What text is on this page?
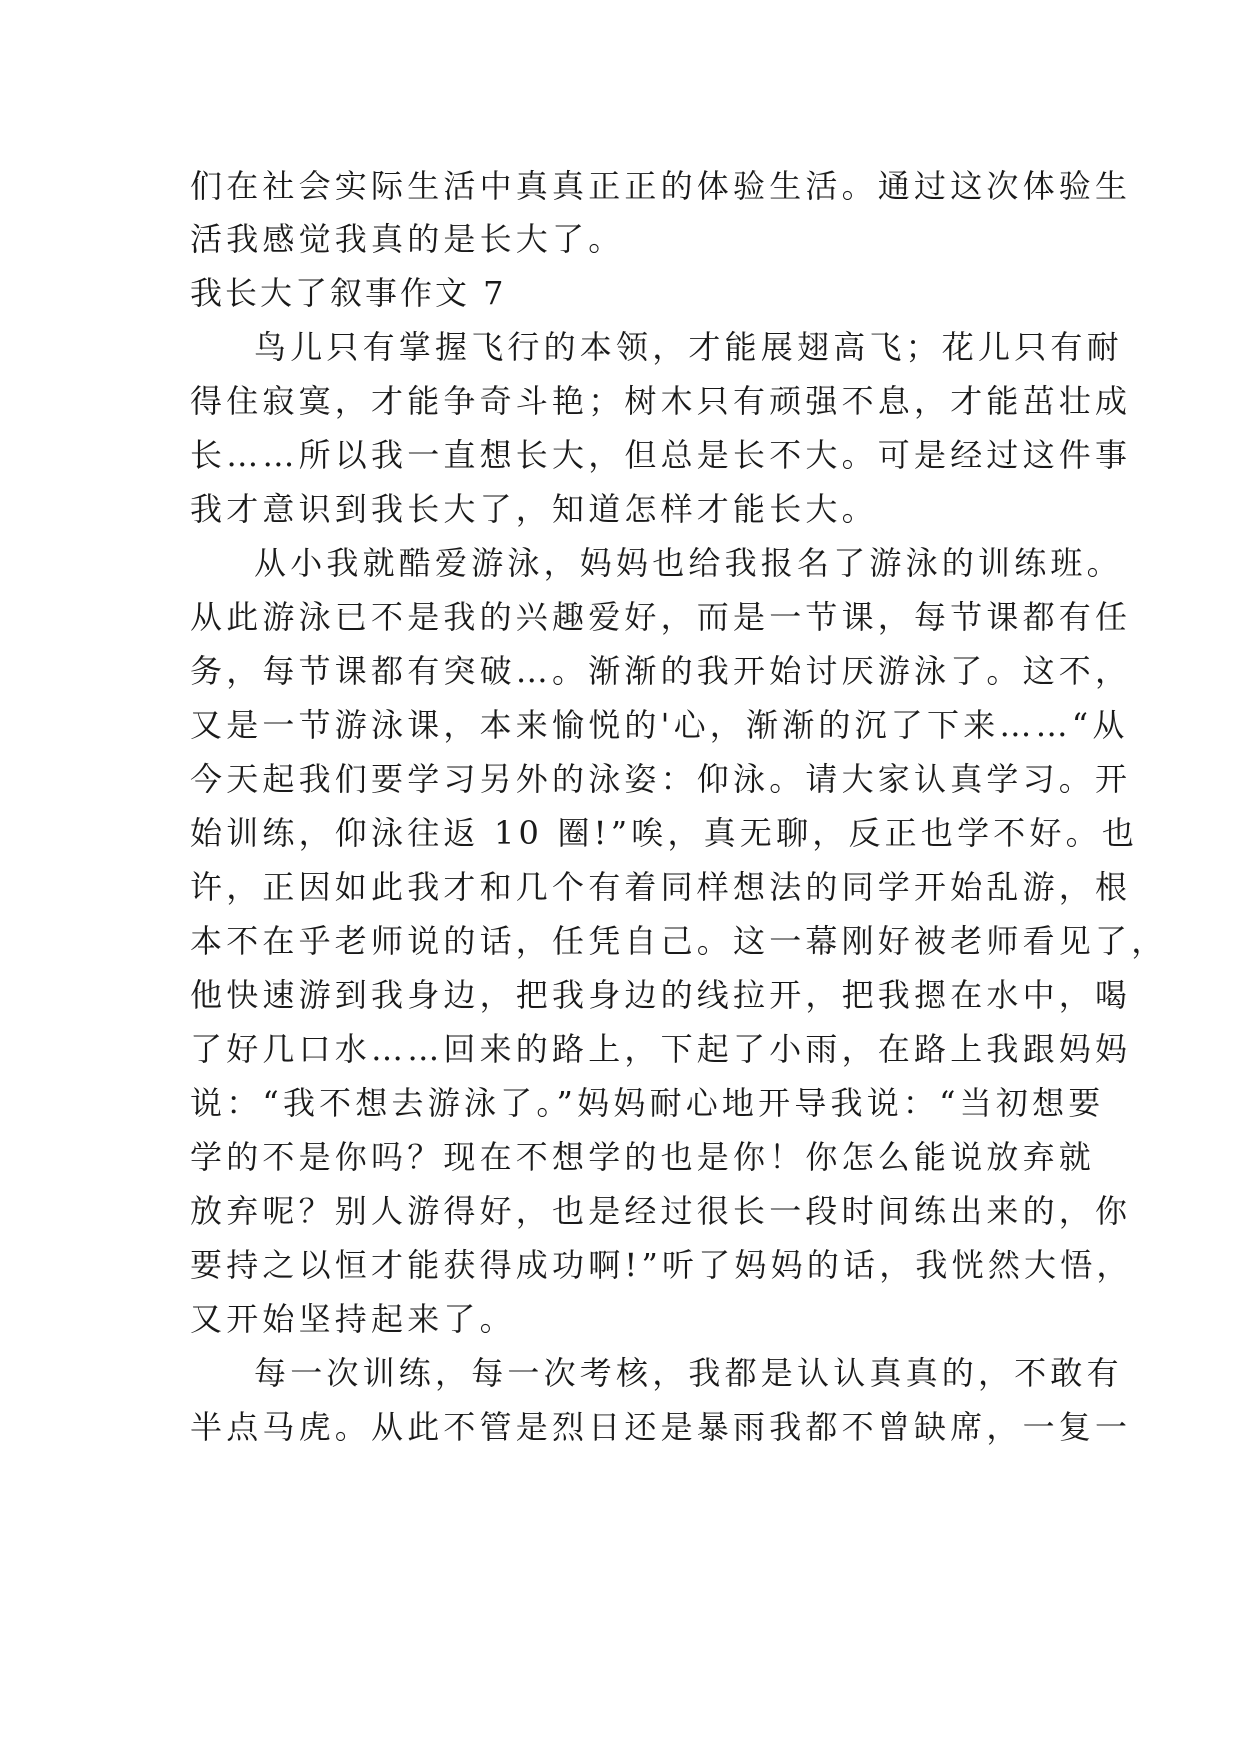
们在社会实际生活中真真正正的体验生活。通过这次体验生
活我感觉我真的是长大了。
我长大了叙事作文 7
鸟儿只有掌握飞行的本领，才能展翅高飞；花儿只有耐
得住寂寞，才能争奇斗艳；树木只有顽强不息，才能茁壮成
长……所以我一直想长大，但总是长不大。可是经过这件事
我才意识到我长大了，知道怎样才能长大。
从小我就酷爱游泳，妈妈也给我报名了游泳的训练班。
从此游泳已不是我的兴趣爱好，而是一节课，每节课都有任
务，每节课都有突破…。渐渐的我开始讨厌游泳了。这不，
又是一节游泳课，本来愉悦的'心，渐渐的沉了下来……“从
今天起我们要学习另外的泳姿：仰泳。请大家认真学习。开
始训练，仰泳往返 10 圈!”唉，真无聊，反正也学不好。也
许，正因如此我才和几个有着同样想法的同学开始乱游，根
本不在乎老师说的话，任凭自己。这一幕刚好被老师看见了，
他快速游到我身边，把我身边的线拉开，把我摁在水中，喝
了好几口水……回来的路上，下起了小雨，在路上我跟妈妈
说：“我不想去游泳了。”妈妈耐心地开导我说：“当初想要
学的不是你吗？现在不想学的也是你！你怎么能说放弃就
放弃呢？别人游得好，也是经过很长一段时间练出来的，你
要持之以恒才能获得成功啊!”听了妈妈的话，我恍然大悟，
又开始坚持起来了。
每一次训练，每一次考核，我都是认认真真的，不敢有
半点马虎。从此不管是烈日还是暴雨我都不曾缺席，一复一
